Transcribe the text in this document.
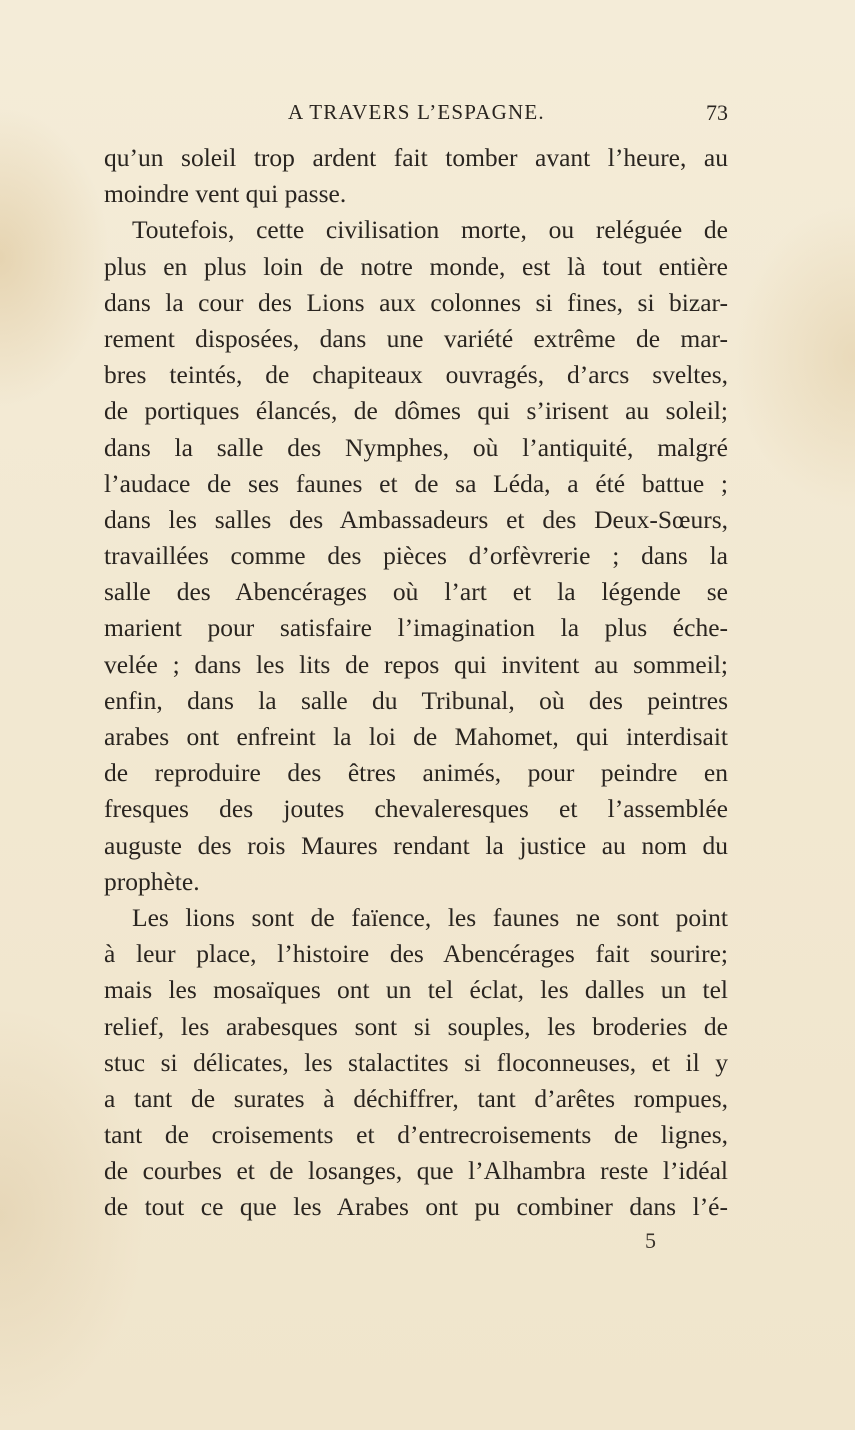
A TRAVERS L’ESPAGNE.	73
qu’un soleil trop ardent fait tomber avant l’heure, au
moindre vent qui passe.
Toutefois, cette civilisation morte, ou reléguée de
plus en plus loin de notre monde, est là tout entière
dans la cour des Lions aux colonnes si fines, si bizar-
rement disposées, dans une variété extrême de mar-
bres teintés, de chapiteaux ouvragés, d’arcs sveltes,
de portiques élancés, de dômes qui s’irisent au soleil;
dans la salle des Nymphes, où l’antiquité, malgré
l’audace de ses faunes et de sa Léda, a été battue ;
dans les salles des Ambassadeurs et des Deux-Sœurs,
travaillées comme des pièces d’orfèvrerie ; dans la
salle des Abencérages où l’art et la légende se
marient pour satisfaire l’imagination la plus éche-
velée ; dans les lits de repos qui invitent au sommeil;
enfin, dans la salle du Tribunal, où des peintres
arabes ont enfreint la loi de Mahomet, qui interdisait
de reproduire des êtres animés, pour peindre en
fresques des joutes chevaleresques et l’assemblée
auguste des rois Maures rendant la justice au nom du
prophète.
Les lions sont de faïence, les faunes ne sont point
à leur place, l’histoire des Abencérages fait sourire;
mais les mosaïques ont un tel éclat, les dalles un tel
relief, les arabesques sont si souples, les broderies de
stuc si délicates, les stalactites si floconneuses, et il y
a tant de surates à déchiffrer, tant d’arêtes rompues,
tant de croisements et d’entrecroisements de lignes,
de courbes et de losanges, que l’Alhambra reste l’idéal
de tout ce que les Arabes ont pu combiner dans l’é-
5
